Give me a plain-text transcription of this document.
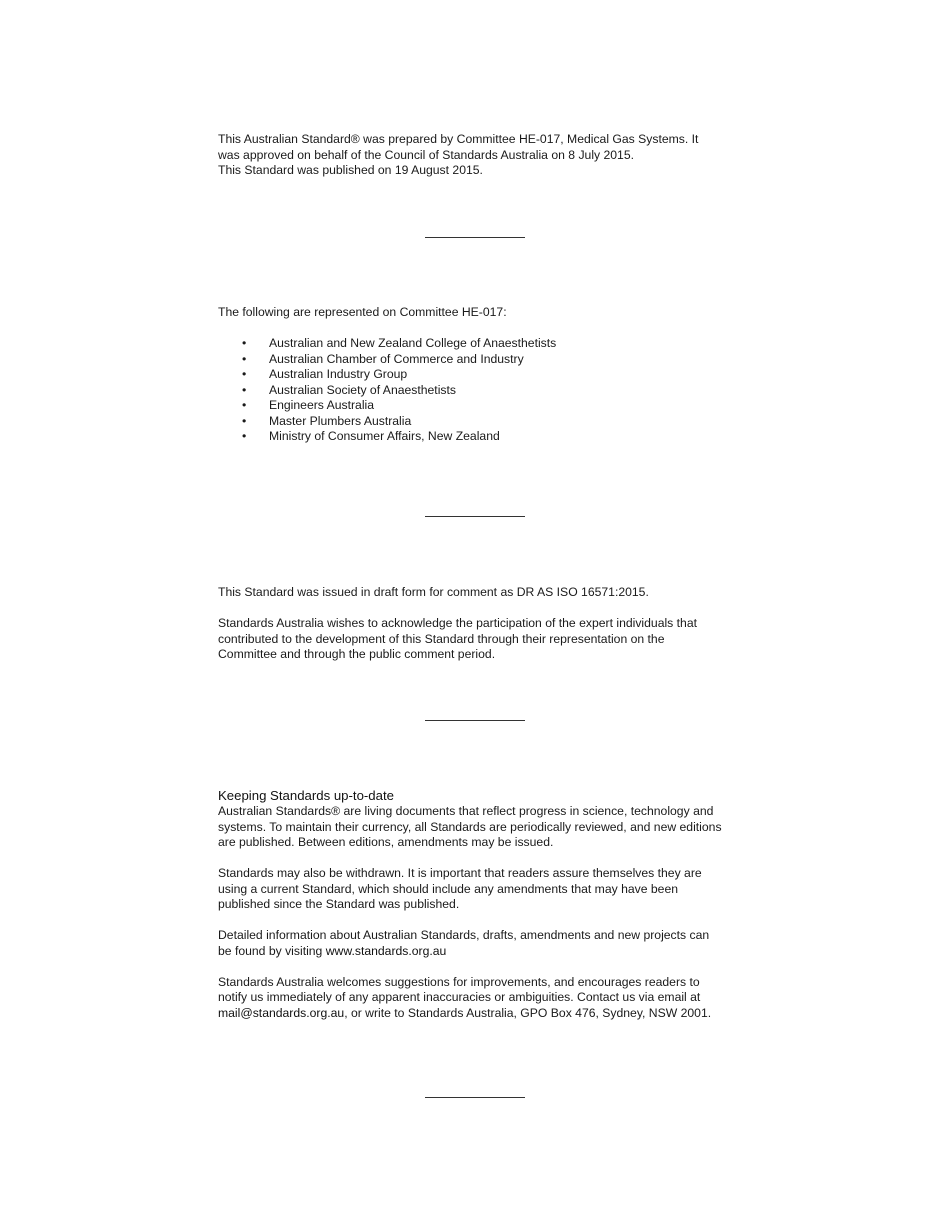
This Australian Standard® was prepared by Committee HE-017, Medical Gas Systems. It

was approved on behalf of the Council of Standards Australia on 8 July 2015.

This Standard was published on 19 August 2015.

The following are represented on Committee HE-017:

• Australian and New Zealand College of Anaesthetists
• Australian Chamber of Commerce and Industry
• Australian Industry Group
• Australian Society of Anaesthetists
• Engineers Australia
• Master Plumbers Australia
• Ministry of Consumer Affairs, New Zealand

This Standard was issued in draft form for comment as DR AS ISO 16571:2015.

Standards Australia wishes to acknowledge the participation of the expert individuals that

contributed to the development of this Standard through their representation on the

Committee and through the public comment period.

Keeping Standards up-to-date

Australian Standards® are living documents that reflect progress in science, technology and

systems. To maintain their currency, all Standards are periodically reviewed, and new editions

are published. Between editions, amendments may be issued.

Standards may also be withdrawn. It is important that readers assure themselves they are

using a current Standard, which should include any amendments that may have been

published since the Standard was published.

Detailed information about Australian Standards, drafts, amendments and new projects can

be found by visiting www.standards.org.au

Standards Australia welcomes suggestions for improvements, and encourages readers to

notify us immediately of any apparent inaccuracies or ambiguities. Contact us via email at

mail@standards.org.au, or write to Standards Australia, GPO Box 476, Sydney, NSW 2001.
